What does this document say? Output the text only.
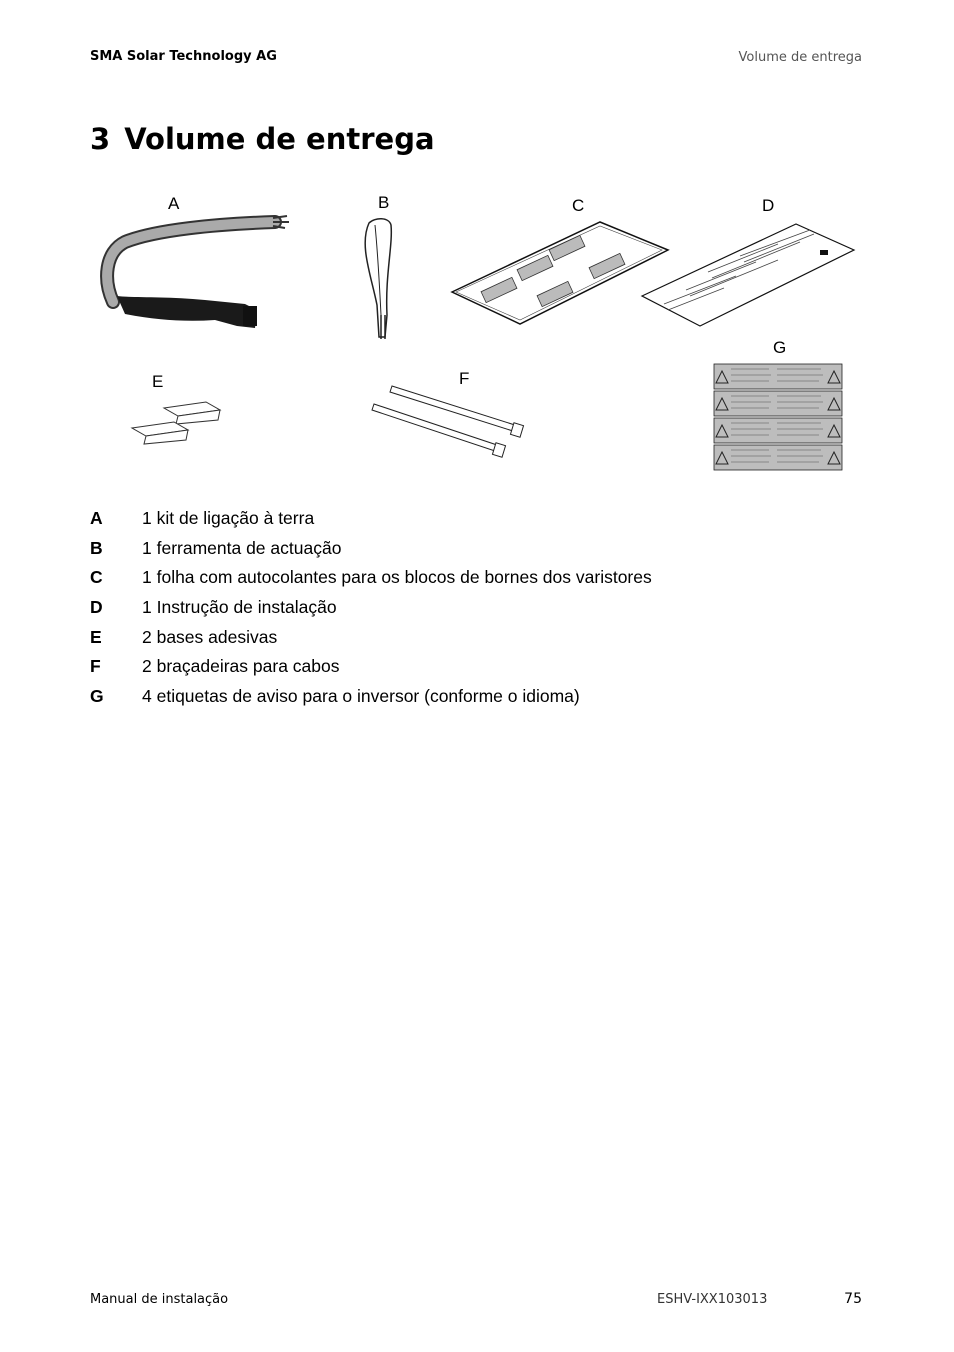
SMA Solar Technology AG	Volume de entrega
3 Volume de entrega
A	B	C	D
E	F
G
A	1 kit de ligação à terra
B	1 ferramenta de actuação
C	1 folha com autocolantes para os blocos de bornes dos varistores
D	1 Instrução de instalação
E	2 bases adesivas
F	2 braçadeiras para cabos
G	4 etiquetas de aviso para o inversor (conforme o idioma)
Manual de instalação	ESHV-IXX103013	75
